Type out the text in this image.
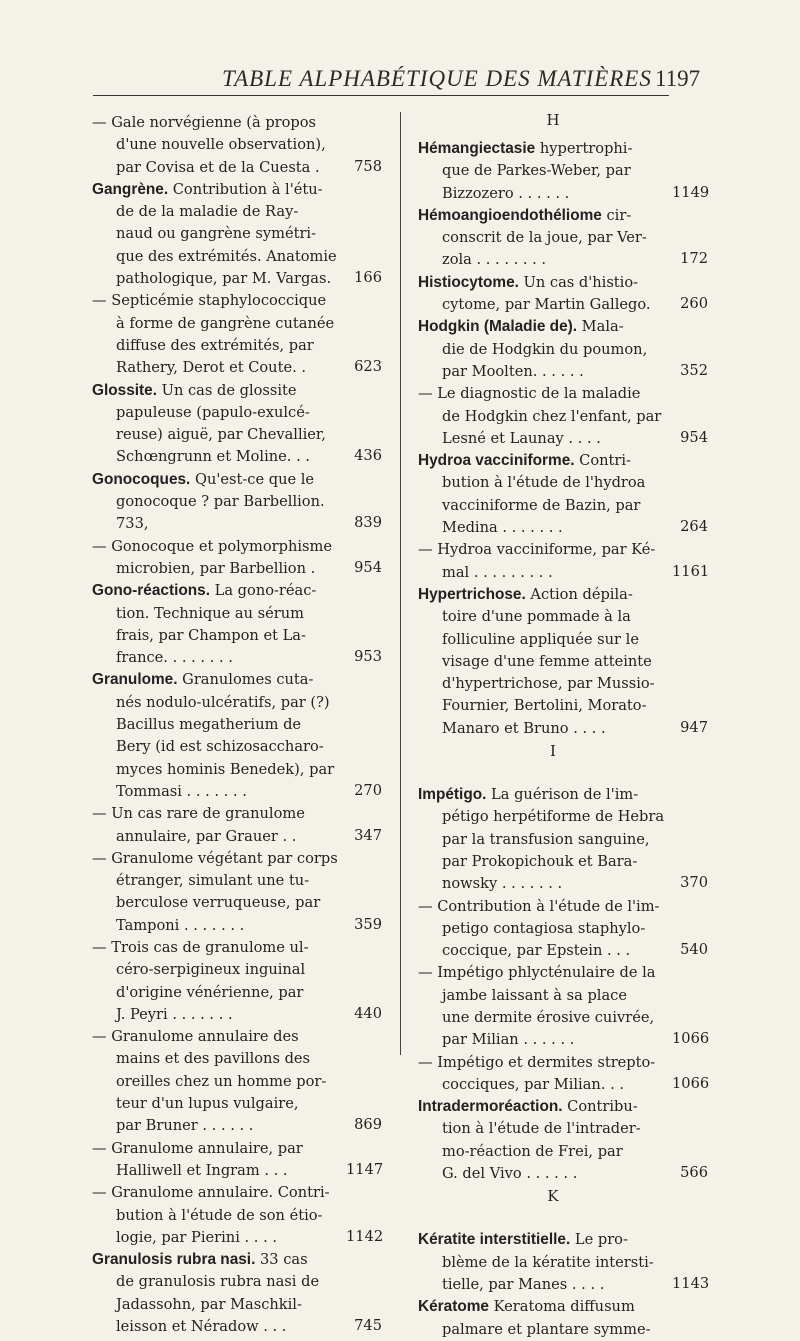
TABLE ALPHABÉTIQUE DES MATIÈRES 1197
— Gale norvégienne (à propos
d'une nouvelle observation),
par Covisa et de la Cuesta .	758
Gangrène. Contribution à l'étu-
de de la maladie de Ray-
naud ou gangrène symétri-
que des extrémités. Anatomie
pathologique, par M. Vargas.	166
— Septicémie staphylococcique
à forme de gangrène cutanée
diffuse des extrémités, par
Rathery, Derot et Coute. .	623
Glossite. Un cas de glossite
papuleuse (papulo-exulcé-
reuse) aiguë, par Chevallier,
Schœngrunn et Moline. . .	436
Gonocoques. Qu'est-ce que le
gonocoque ? par Barbellion.
733,	839
— Gonocoque et polymorphisme
microbien, par Barbellion .	954
Gono-réactions. La gono-réac-
tion. Technique au sérum
frais, par Champon et La-
france. . . . . . . .	953
Granulome. Granulomes cuta-
nés nodulo-ulcératifs, par (?)
Bacillus megatherium de
Bery (id est schizosaccharo-
myces hominis Benedek), par
Tommasi . . . . . . .	270
— Un cas rare de granulome
annulaire, par Grauer . .	347
— Granulome végétant par corps
étranger, simulant une tu-
berculose verruqueuse, par
Tamponi . . . . . . .	359
— Trois cas de granulome ul-
céro-serpigineux inguinal
d'origine vénérienne, par
J. Peyri . . . . . . .	440
— Granulome annulaire des
mains et des pavillons des
oreilles chez un homme por-
teur d'un lupus vulgaire,
par Bruner . . . . . .	869
— Granulome annulaire, par
Halliwell et Ingram . . .	1147
— Granulome annulaire. Contri-
bution à l'étude de son étio-
logie, par Pierini . . . .	1142
Granulosis rubra nasi. 33 cas
de granulosis rubra nasi de
Jadassohn, par Maschkil-
leisson et Néradow . . .	745
H
Hémangiectasie hypertrophi-
que de Parkes-Weber, par
Bizzozero . . . . . .	1149
Hémoangioendothéliome cir-
conscrit de la joue, par Ver-
zola . . . . . . . .	172
Histiocytome. Un cas d'histio-
cytome, par Martin Gallego.	260
Hodgkin (Maladie de). Mala-
die de Hodgkin du poumon,
par Moolten. . . . . .	352
— Le diagnostic de la maladie
de Hodgkin chez l'enfant, par
Lesné et Launay . . . .	954
Hydroa vacciniforme. Contri-
bution à l'étude de l'hydroa
vacciniforme de Bazin, par
Medina . . . . . . .	264
— Hydroa vacciniforme, par Ké-
mal . . . . . . . . .	1161
Hypertrichose. Action dépila-
toire d'une pommade à la
folliculine appliquée sur le
visage d'une femme atteinte
d'hypertrichose, par Mussio-
Fournier, Bertolini, Morato-
Manaro et Bruno . . . .	947
I
Impétigo. La guérison de l'im-
pétigo herpétiforme de Hebra
par la transfusion sanguine,
par Prokopichouk et Bara-
nowsky . . . . . . .	370
— Contribution à l'étude de l'im-
petigo contagiosa staphylo-
coccique, par Epstein . . .	540
— Impétigo phlycténulaire de la
jambe laissant à sa place
une dermite érosive cuivrée,
par Milian . . . . . .	1066
— Impétigo et dermites strepto-
cocciques, par Milian. . .	1066
Intradermoréaction. Contribu-
tion à l'étude de l'intrader-
mo-réaction de Frei, par
G. del Vivo . . . . . .	566
K
Kératite interstitielle. Le pro-
blème de la kératite intersti-
tielle, par Manes . . . .	1143
Kératome Keratoma diffusum
palmare et plantare symme-
